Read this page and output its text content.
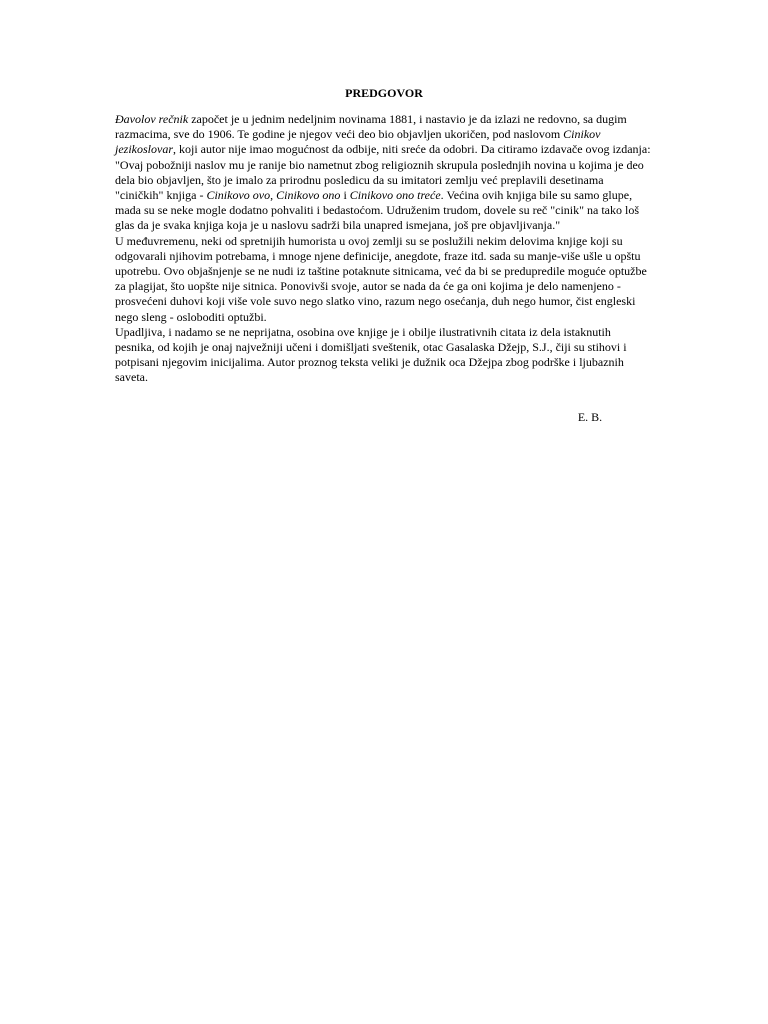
PREDGOVOR

Đavolov rečnik započet je u jednim nedeljnim novinama 1881, i nastavio je da izlazi ne redovno, sa dugim razmacima, sve do 1906. Te godine je njegov veći deo bio objavljen ukoričen, pod naslovom Cinikov jezikoslovar, koji autor nije imao mogućnost da odbije, niti sreće da odobri. Da citiramo izdavače ovog izdanja:

"Ovaj pobožniji naslov mu je ranije bio nametnut zbog religioznih skrupula poslednjih novina u kojima je deo dela bio objavljen, što je imalo za prirodnu posledicu da su imitatori zemlju već preplavili desetinama "ciničkih" knjiga - Cinikovo ovo, Cinikovo ono i Cinikovo ono treće. Većina ovih knjiga bile su samo glupe, mada su se neke mogle dodatno pohvaliti i bedastoćom. Udruženim trudom, dovele su reč "cinik" na tako loš glas da je svaka knjiga koja je u naslovu sadrži bila unapred ismejana, još pre objavljivanja."

U međuvremenu, neki od spretnijih humorista u ovoj zemlji su se poslužili nekim delovima knjige koji su odgovarali njihovim potrebama, i mnoge njene definicije, anegdote, fraze itd. sada su manje-više ušle u opštu upotrebu. Ovo objašnjenje se ne nudi iz taštine potaknute sitnicama, već da bi se predupredile moguće optužbe za plagijat, što uopšte nije sitnica. Ponovivši svoje, autor se nada da će ga oni kojima je delo namenjeno - prosvećeni duhovi koji više vole suvo nego slatko vino, razum nego osećanja, duh nego humor, čist engleski nego sleng - osloboditi optužbi.

Upadljiva, i nadamo se ne neprijatna, osobina ove knjige je i obilje ilustrativnih citata iz dela istaknutih pesnika, od kojih je onaj najvežniji učeni i domišljati sveštenik, otac Gasalaska Džejp, S.J., čiji su stihovi i potpisani njegovim inicijalima. Autor proznog teksta veliki je dužnik oca Džejpa zbog podrške i ljubaznih saveta.

E. B.
